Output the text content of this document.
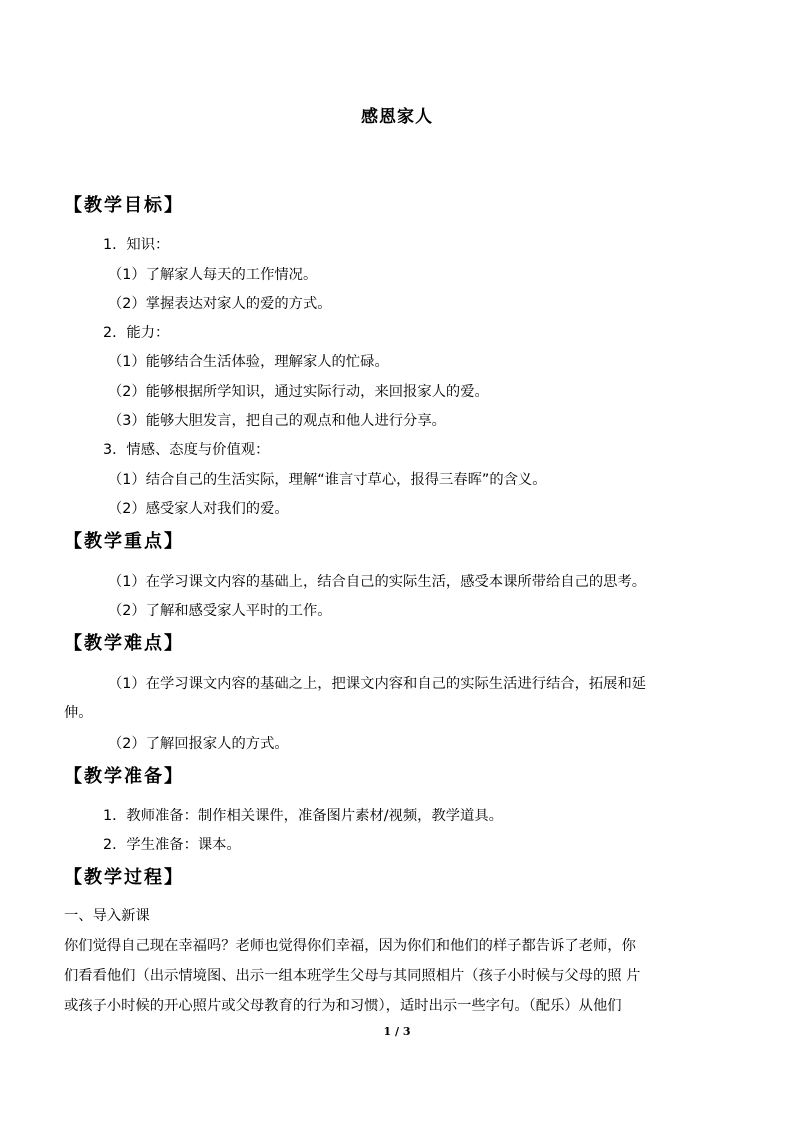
感恩家人
【教学目标】
1．知识：
（1）了解家人每天的工作情况。
（2）掌握表达对家人的爱的方式。
2．能力：
（1）能够结合生活体验，理解家人的忙碌。
（2）能够根据所学知识，通过实际行动，来回报家人的爱。
（3）能够大胆发言，把自己的观点和他人进行分享。
3．情感、态度与价值观：
（1）结合自己的生活实际，理解“谁言寸草心，报得三春晖”的含义。
（2）感受家人对我们的爱。
【教学重点】
（1）在学习课文内容的基础上，结合自己的实际生活，感受本课所带给自己的思考。
（2）了解和感受家人平时的工作。
【教学难点】
（1）在学习课文内容的基础之上，把课文内容和自己的实际生活进行结合，拓展和延
伸。
（2）了解回报家人的方式。
【教学准备】
1．教师准备：制作相关课件，准备图片素材/视频，教学道具。
2．学生准备：课本。
【教学过程】
一、导入新课
你们觉得自己现在幸福吗？老师也觉得你们幸福，因为你们和他们的样子都告诉了老师，你
们看看他们（出示情境图、出示一组本班学生父母与其同照相片（孩子小时候与父母的照 片
或孩子小时候的开心照片或父母教育的行为和习惯），适时出示一些字句。（配乐）从他们
1 / 3
